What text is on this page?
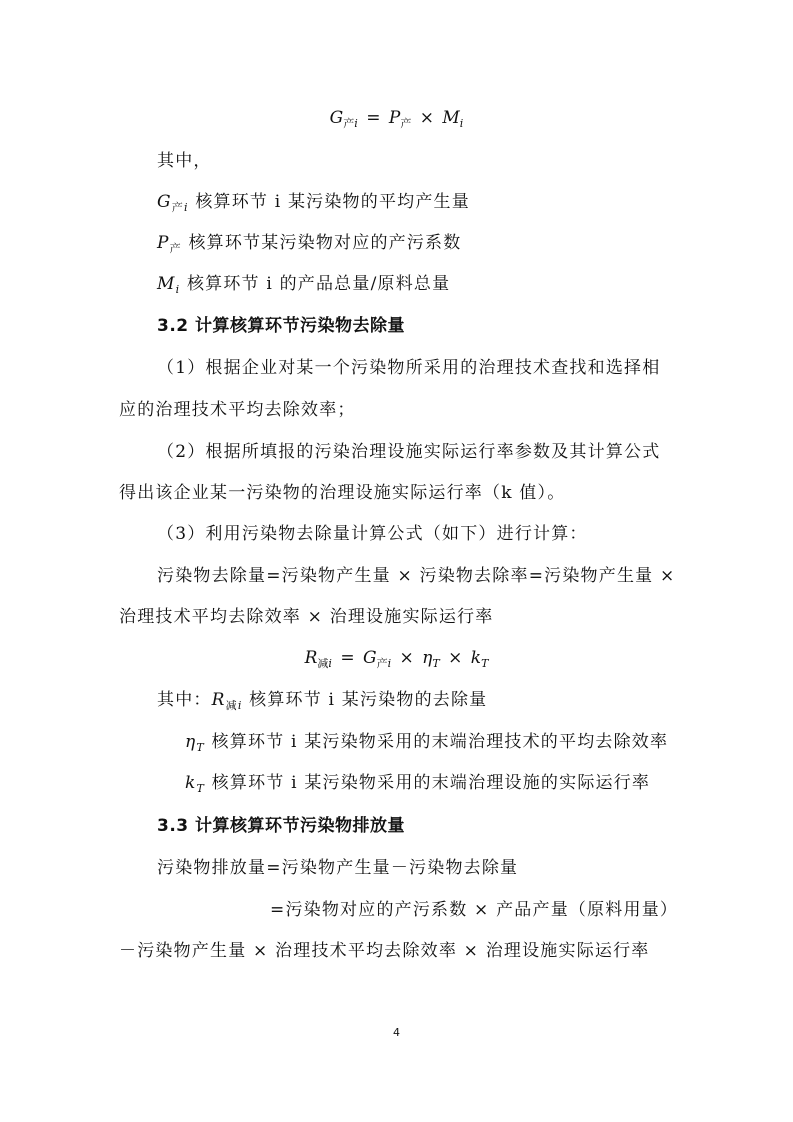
$G_{产i} = P_产 \times M_i$
其中，
$G_{产i}$ 核算环节 i 某污染物的平均产生量
$P_产$ 核算环节某污染物对应的产污系数
$M_i$ 核算环节 i 的产品总量/原料总量
3.2 计算核算环节污染物去除量
（1）根据企业对某一个污染物所采用的治理技术查找和选择相
应的治理技术平均去除效率；
（2）根据所填报的污染治理设施实际运行率参数及其计算公式
得出该企业某一污染物的治理设施实际运行率（k 值）。
（3）利用污染物去除量计算公式（如下）进行计算：
污染物去除量=污染物产生量 × 污染物去除率=污染物产生量 ×
治理技术平均去除效率 × 治理设施实际运行率
$R_{减i} = G_{产i} \times \eta_T \times k_T$
其中：$R_{减i}$ 核算环节 i 某污染物的去除量
$\eta_T$ 核算环节 i 某污染物采用的末端治理技术的平均去除效率
$k_T$ 核算环节 i 某污染物采用的末端治理设施的实际运行率
3.3 计算核算环节污染物排放量
污染物排放量=污染物产生量－污染物去除量
=污染物对应的产污系数 × 产品产量（原料用量）
－污染物产生量 × 治理技术平均去除效率 × 治理设施实际运行率
4
